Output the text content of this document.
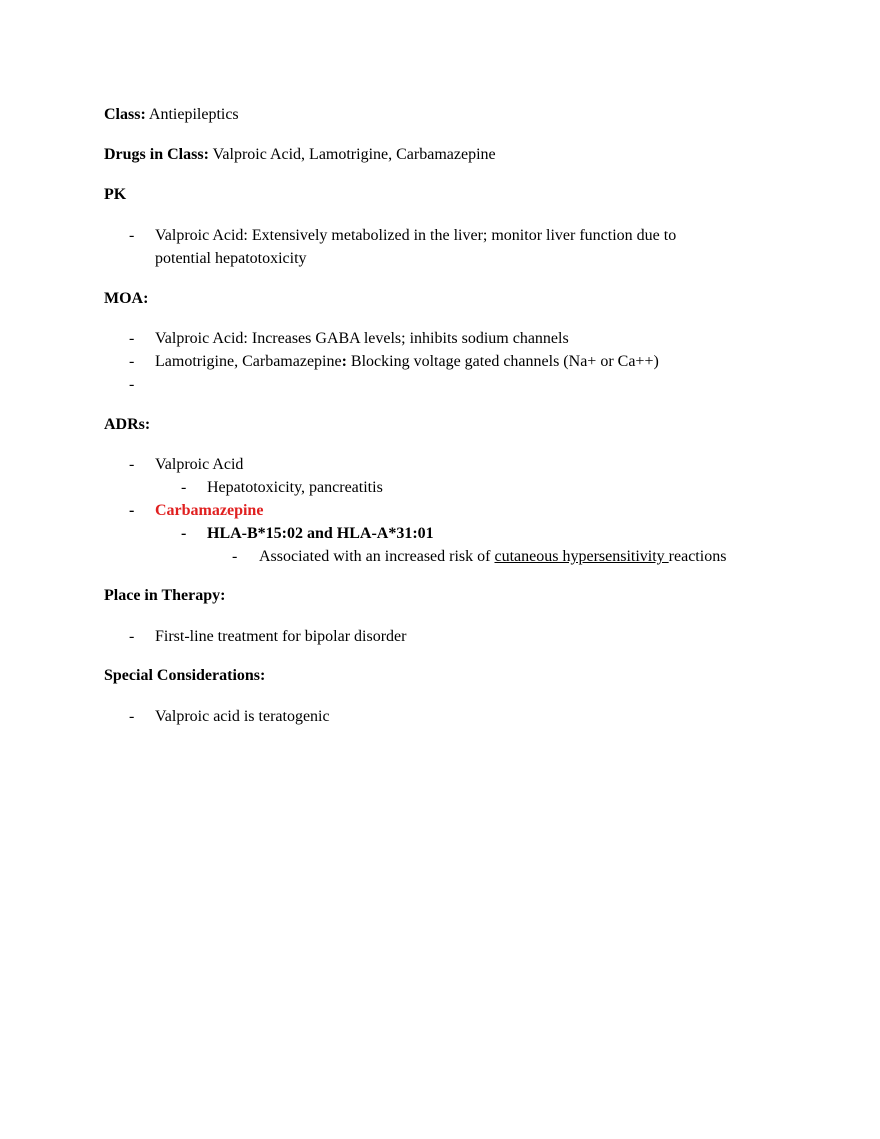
Class: Antiepileptics
Drugs in Class: Valproic Acid, Lamotrigine, Carbamazepine
PK
- Valproic Acid: Extensively metabolized in the liver; monitor liver function due to
potential hepatotoxicity
MOA:
- Valproic Acid: Increases GABA levels; inhibits sodium channels
- Lamotrigine, Carbamazepine: Blocking voltage gated channels (Na+ or Ca++)
-
ADRs:
- Valproic Acid
- Hepatotoxicity, pancreatitis
- Carbamazepine
- HLA-B*15:02 and HLA-A*31:01
- Associated with an increased risk of cutaneous hypersensitivity reactions
Place in Therapy:
- First-line treatment for bipolar disorder
Special Considerations:
- Valproic acid is teratogenic
